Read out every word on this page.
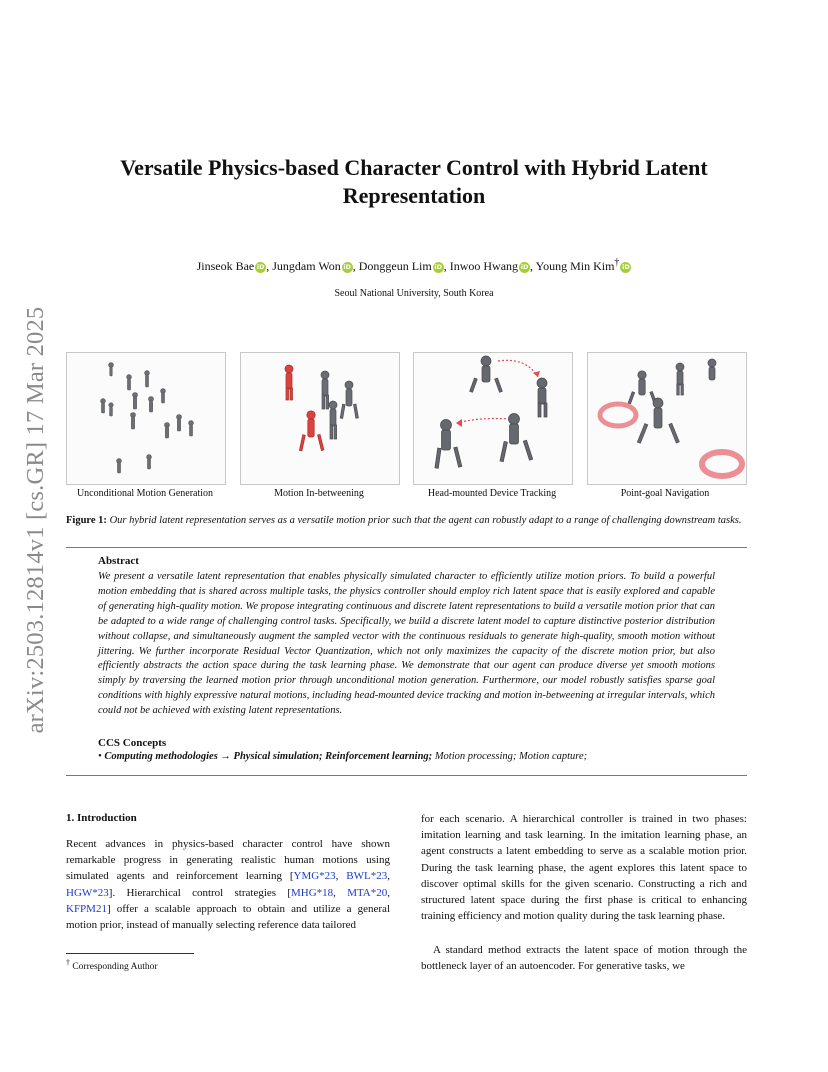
arXiv:2503.12814v1 [cs.GR] 17 Mar 2025
Versatile Physics-based Character Control with Hybrid Latent Representation
Jinseok Bae iD , Jungdam Won iD , Donggeun Lim iD , Inwoo Hwang iD , Young Min Kim† iD
Seoul National University, South Korea
Unconditional Motion Generation	Motion In-betweening	Head-mounted Device Tracking	Point-goal Navigation
Figure 1: Our hybrid latent representation serves as a versatile motion prior such that the agent can robustly adapt to a range of challenging downstream tasks.
Abstract
We present a versatile latent representation that enables physically simulated character to efficiently utilize motion priors. To build a powerful motion embedding that is shared across multiple tasks, the physics controller should employ rich latent space that is easily explored and capable of generating high-quality motion. We propose integrating continuous and discrete latent representations to build a versatile motion prior that can be adapted to a wide range of challenging control tasks. Specifically, we build a discrete latent model to capture distinctive posterior distribution without collapse, and simultaneously augment the sampled vector with the continuous residuals to generate high-quality, smooth motion without jittering. We further incorporate Residual Vector Quantization, which not only maximizes the capacity of the discrete motion prior, but also efficiently abstracts the action space during the task learning phase. We demonstrate that our agent can produce diverse yet smooth motions simply by traversing the learned motion prior through unconditional motion generation. Furthermore, our model robustly satisfies sparse goal conditions with highly expressive natural motions, including head-mounted device tracking and motion in-betweening at irregular intervals, which could not be achieved with existing latent representations.
CCS Concepts
• Computing methodologies → Physical simulation; Reinforcement learning; Motion processing; Motion capture;
1. Introduction
Recent advances in physics-based character control have shown remarkable progress in generating realistic human motions using simulated agents and reinforcement learning [YMG*23, BWL*23, HGW*23]. Hierarchical control strategies [MHG*18, MTA*20, KFPM21] offer a scalable approach to obtain and utilize a general motion prior, instead of manually selecting reference data tailored
for each scenario. A hierarchical controller is trained in two phases: imitation learning and task learning. In the imitation learning phase, an agent constructs a latent embedding to serve as a scalable motion prior. During the task learning phase, the agent explores this latent space to discover optimal skills for the given scenario. Constructing a rich and structured latent space during the first phase is critical to enhancing training efficiency and motion quality during the task learning phase.
A standard method extracts the latent space of motion through the bottleneck layer of an autoencoder. For generative tasks, we
† Corresponding Author
